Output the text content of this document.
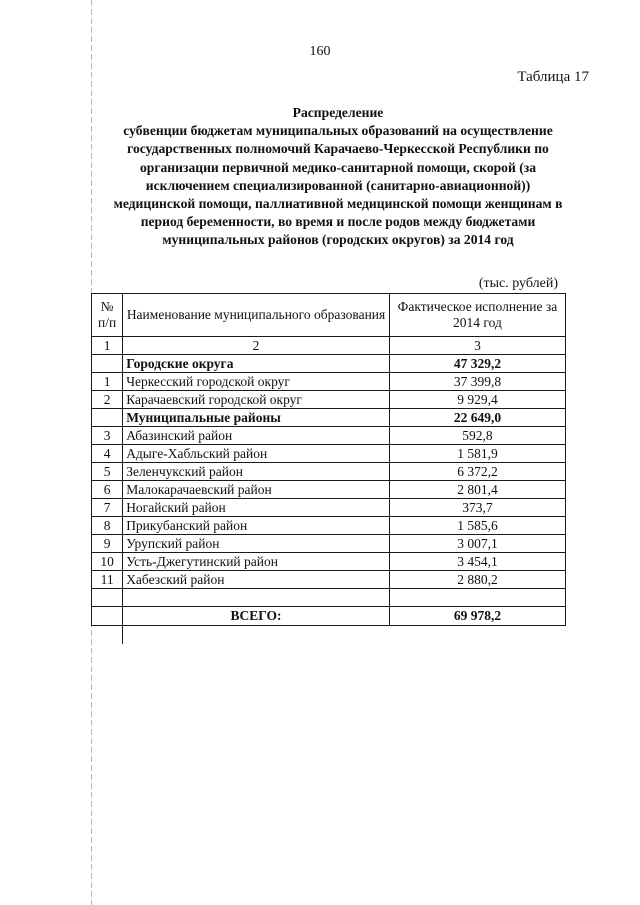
160
Таблица 17
Распределение
субвенции бюджетам муниципальных образований на осуществление
государственных полномочий Карачаево-Черкесской Республики по
организации первичной медико-санитарной помощи, скорой (за
исключением специализированной (санитарно-авиационной))
медицинской помощи, паллиативной медицинской помощи женщинам в
период беременности, во время и после родов между бюджетами
муниципальных районов (городских округов) за 2014 год
(тыс. рублей)
№ п/п	Наименование муниципального образования	Фактическое исполнение за 2014 год
1	2	3
	Городские округа	47 329,2
1	Черкесский городской округ	37 399,8
2	Карачаевский городской округ	9 929,4
	Муниципальные районы	22 649,0
3	Абазинский район	592,8
4	Адыге-Хабльский район	1 581,9
5	Зеленчукский район	6 372,2
6	Малокарачаевский район	2 801,4
7	Ногайский район	373,7
8	Прикубанский район	1 585,6
9	Урупский район	3 007,1
10	Усть-Джегутинский район	3 454,1
11	Хабезский район	2 880,2

	ВСЕГО:	69 978,2
